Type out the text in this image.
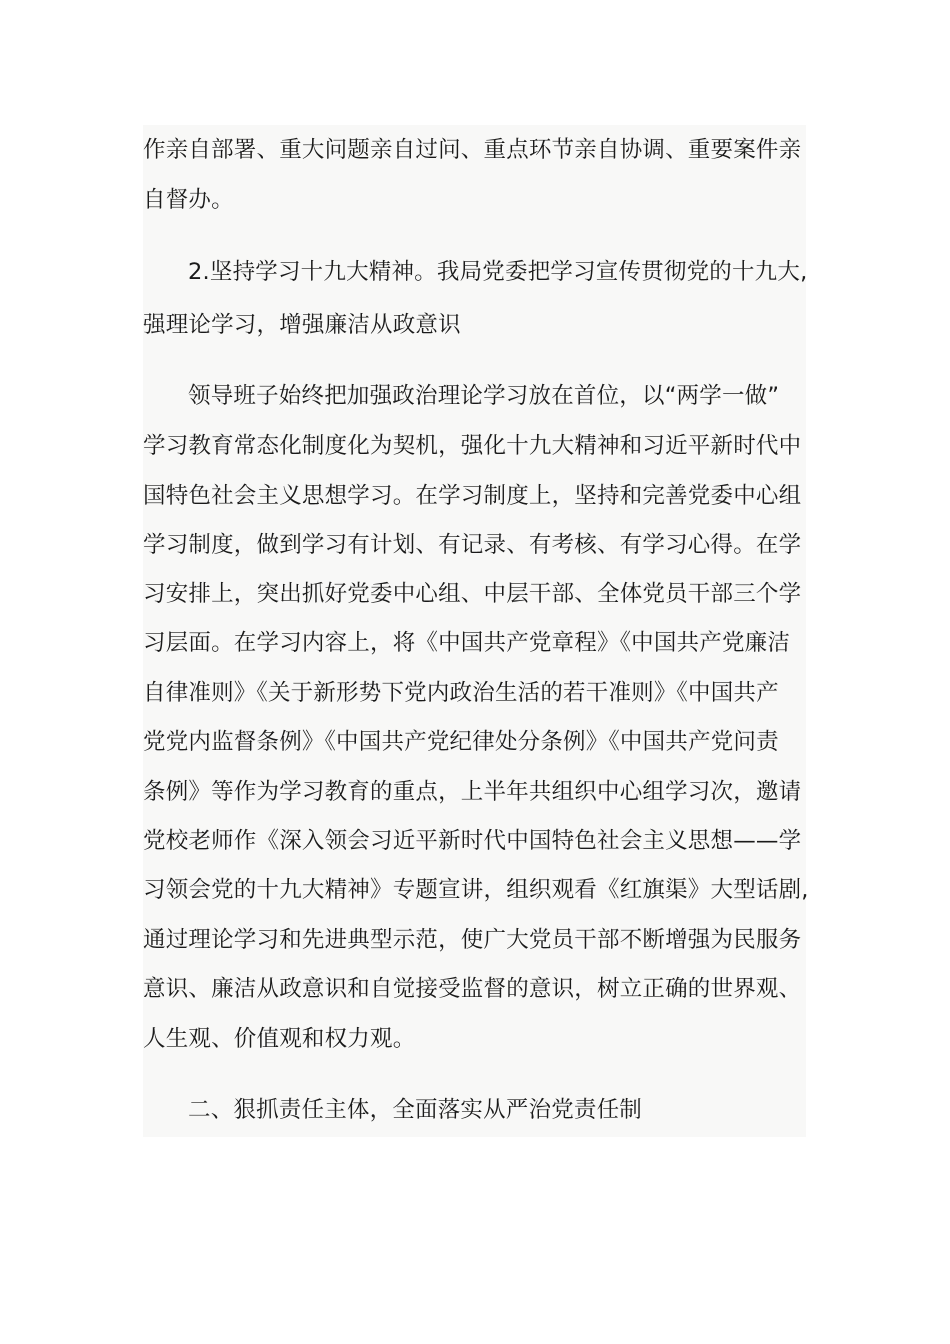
作亲自部署、重大问题亲自过问、重点环节亲自协调、重要案件亲
自督办。
2.坚持学习十九大精神。我局党委把学习宣传贯彻党的十九大,
强理论学习，增强廉洁从政意识
领导班子始终把加强政治理论学习放在首位，以“两学一做”
学习教育常态化制度化为契机，强化十九大精神和习近平新时代中
国特色社会主义思想学习。在学习制度上，坚持和完善党委中心组
学习制度，做到学习有计划、有记录、有考核、有学习心得。在学
习安排上，突出抓好党委中心组、中层干部、全体党员干部三个学
习层面。在学习内容上，将《中国共产党章程》《中国共产党廉洁
自律准则》《关于新形势下党内政治生活的若干准则》《中国共产
党党内监督条例》《中国共产党纪律处分条例》《中国共产党问责
条例》等作为学习教育的重点，上半年共组织中心组学习次，邀请
党校老师作《深入领会习近平新时代中国特色社会主义思想——学
习领会党的十九大精神》专题宣讲，组织观看《红旗渠》大型话剧,
通过理论学习和先进典型示范，使广大党员干部不断增强为民服务
意识、廉洁从政意识和自觉接受监督的意识，树立正确的世界观、
人生观、价值观和权力观。
二、狠抓责任主体，全面落实从严治党责任制
